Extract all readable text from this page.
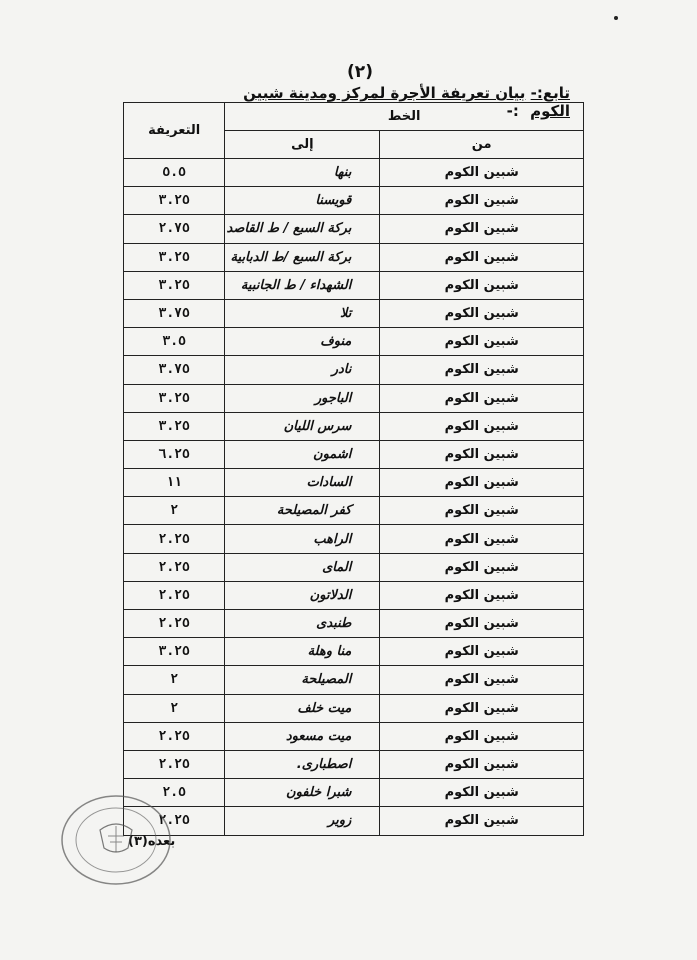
(٢)
تابع:- بيان تعريفة الأجرة لمركز ومدينة شبين الكوم :-
الخط		التعريفة
من	إلى	
شبين الكوم	بنها	٥.٥
شبين الكوم	قويسنا	٣.٢٥
شبين الكوم	بركة السبع / ط القاصد	٢.٧٥
شبين الكوم	بركة السبع /ط الدبابية	٣.٢٥
شبين الكوم	الشهداء / ط الجانبية	٣.٢٥
شبين الكوم	تلا	٣.٧٥
شبين الكوم	منوف	٣.٥
شبين الكوم	نادر	٣.٧٥
شبين الكوم	الباجور	٣.٢٥
شبين الكوم	سرس الليان	٣.٢٥
شبين الكوم	اشمون	٦.٢٥
شبين الكوم	السادات	١١
شبين الكوم	كفر المصيلحة	٢
شبين الكوم	الراهب	٢.٢٥
شبين الكوم	الماى	٢.٢٥
شبين الكوم	الدلاتون	٢.٢٥
شبين الكوم	طنبدى	٢.٢٥
شبين الكوم	منا وهلة	٣.٢٥
شبين الكوم	المصيلحة	٢
شبين الكوم	ميت خلف	٢
شبين الكوم	ميت مسعود	٢.٢٥
شبين الكوم	اصطبارى.	٢.٢٥
شبين الكوم	شبرا خلفون	٢.٥
شبين الكوم	زوير	٢.٢٥
بعده(٣)
